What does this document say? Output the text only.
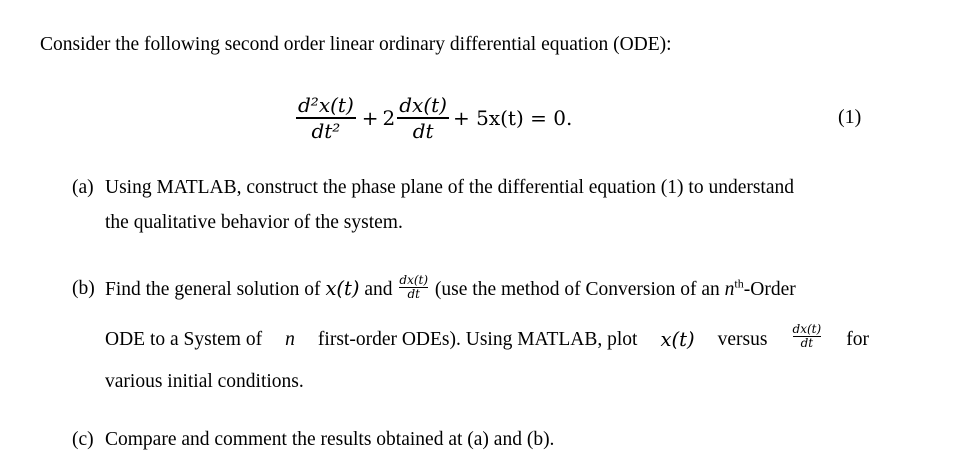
Consider the following second order linear ordinary differential equation (ODE):
$\frac{\text{d²x(t)}}{\text{dt²}} + 2 \frac{dx(t)}{dt} + 5x(t) = 0$.	(1)
(a) Using MATLAB, construct the phase plane of the differential equation (1) to understand
the qualitative behavior of the system.
(b) Find the general solution of x(t) and $\frac{dx(t)}{dt} (use$ the method of Conversion of an $n^{th}$-Order
ODE to a System of n first-order ODEs). Using MATLAB, plot x(t) versus dx(t)
dt for
various initial conditions.
(c) Compare and comment the results obtained at (a) and (b).
